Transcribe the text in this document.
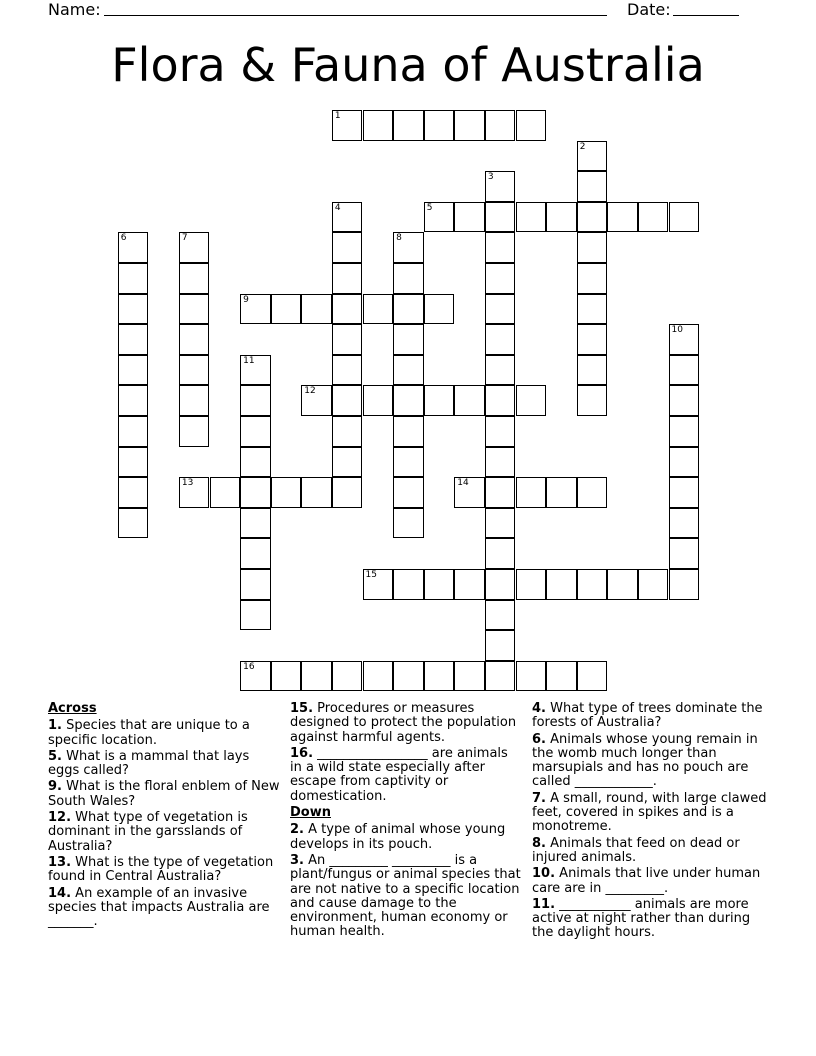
Name:	Date:
Flora & Fauna of Australia
1
2
3
4	5
6	7	8
9
10
11
12
13	14
15
16
Across
1. Species that are unique to a specific location.
5. What is a mammal that lays eggs called?
9. What is the floral enblem of New South Wales?
12. What type of vegetation is dominant in the garsslands of Australia?
13. What is the type of vegetation found in Central Australia?
14. An example of an invasive species that impacts Australia are _______.
15. Procedures or measures designed to protect the population against harmful agents.
16. _________________ are animals in a wild state especially after escape from captivity or domestication.
Down
2. A type of animal whose young develops in its pouch.
3. An _________ _________ is a plant/fungus or animal species that are not native to a specific location and cause damage to the environment, human economy or human health.
4. What type of trees dominate the forests of Australia?
6. Animals whose young remain in the womb much longer than marsupials and has no pouch are called ____________.
7. A small, round, with large clawed feet, covered in spikes and is a monotreme.
8. Animals that feed on dead or injured animals.
10. Animals that live under human care are in _________.
11. ___________ animals are more active at night rather than during the daylight hours.
